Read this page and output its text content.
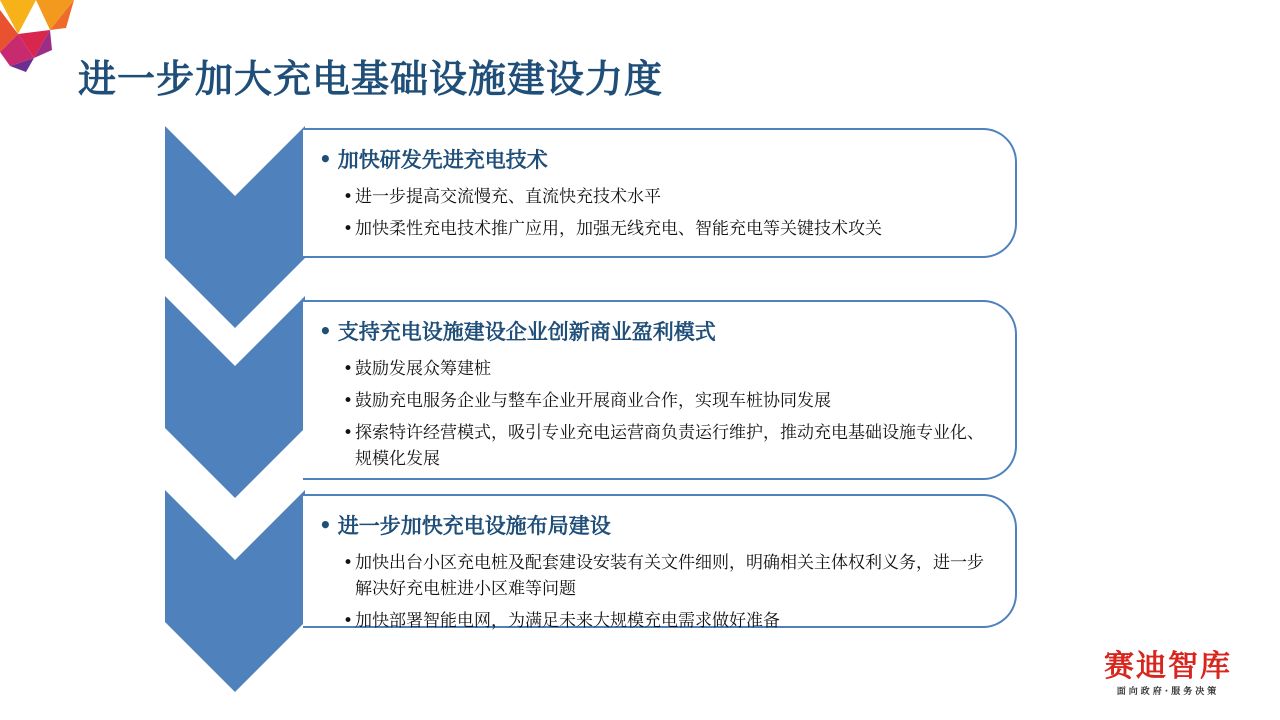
进一步加大充电基础设施建设力度
• 加快研发先进充电技术
• 进一步提高交流慢充、直流快充技术水平
• 加快柔性充电技术推广应用，加强无线充电、智能充电等关键技术攻关
• 支持充电设施建设企业创新商业盈利模式
• 鼓励发展众筹建桩
• 鼓励充电服务企业与整车企业开展商业合作，实现车桩协同发展
• 探索特许经营模式，吸引专业充电运营商负责运行维护，推动充电基础设施专业化、规模化发展
• 进一步加快充电设施布局建设
• 加快出台小区充电桩及配套建设安装有关文件细则，明确相关主体权利义务，进一步解决好充电桩进小区难等问题
• 加快部署智能电网，为满足未来大规模充电需求做好准备
赛迪智库
面向政府·服务决策
